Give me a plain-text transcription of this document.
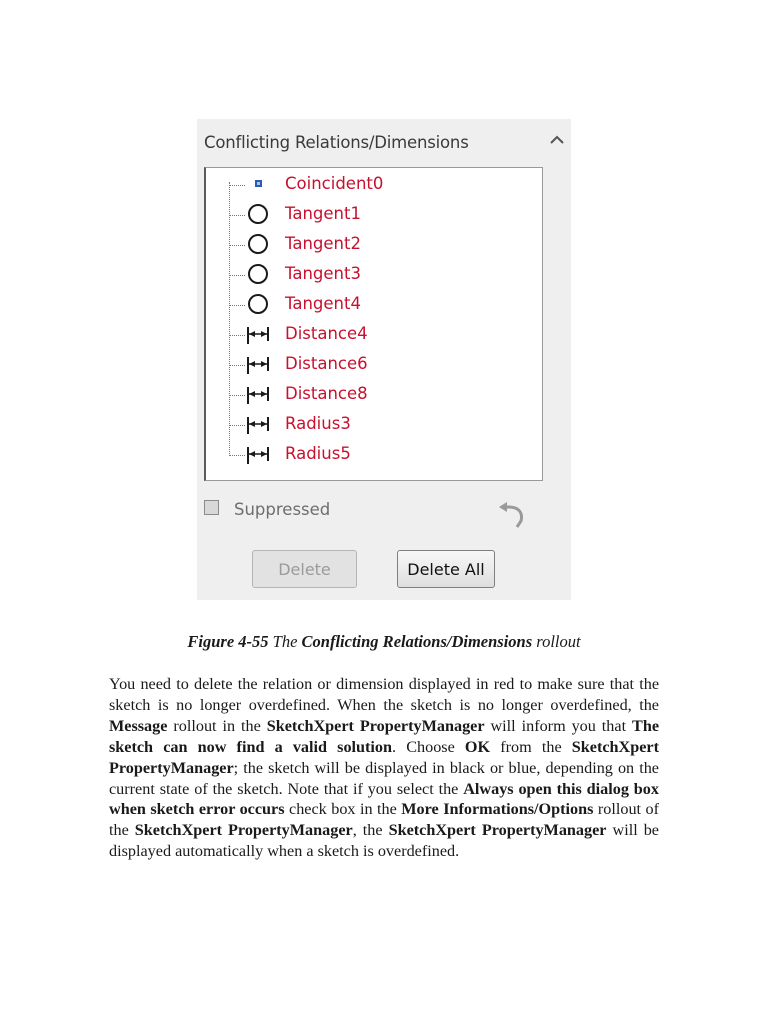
Conflicting Relations/Dimensions
Coincident0
Tangent1
Tangent2
Tangent3
Tangent4
Distance4
Distance6
Distance8
Radius3
Radius5
Suppressed
Delete	Delete All
Figure 4-55 The Conflicting Relations/Dimensions rollout
You need to delete the relation or dimension displayed in red to make sure that the sketch is no longer overdefined. When the sketch is no longer overdefined, the Message rollout in the SketchXpert PropertyManager will inform you that The sketch can now find a valid solution. Choose OK from the SketchXpert PropertyManager; the sketch will be displayed in black or blue, depending on the current state of the sketch. Note that if you select the Always open this dialog box when sketch error occurs check box in the More Informations/Options rollout of the SketchXpert PropertyManager, the SketchXpert PropertyManager will be displayed automatically when a sketch is overdefined.
